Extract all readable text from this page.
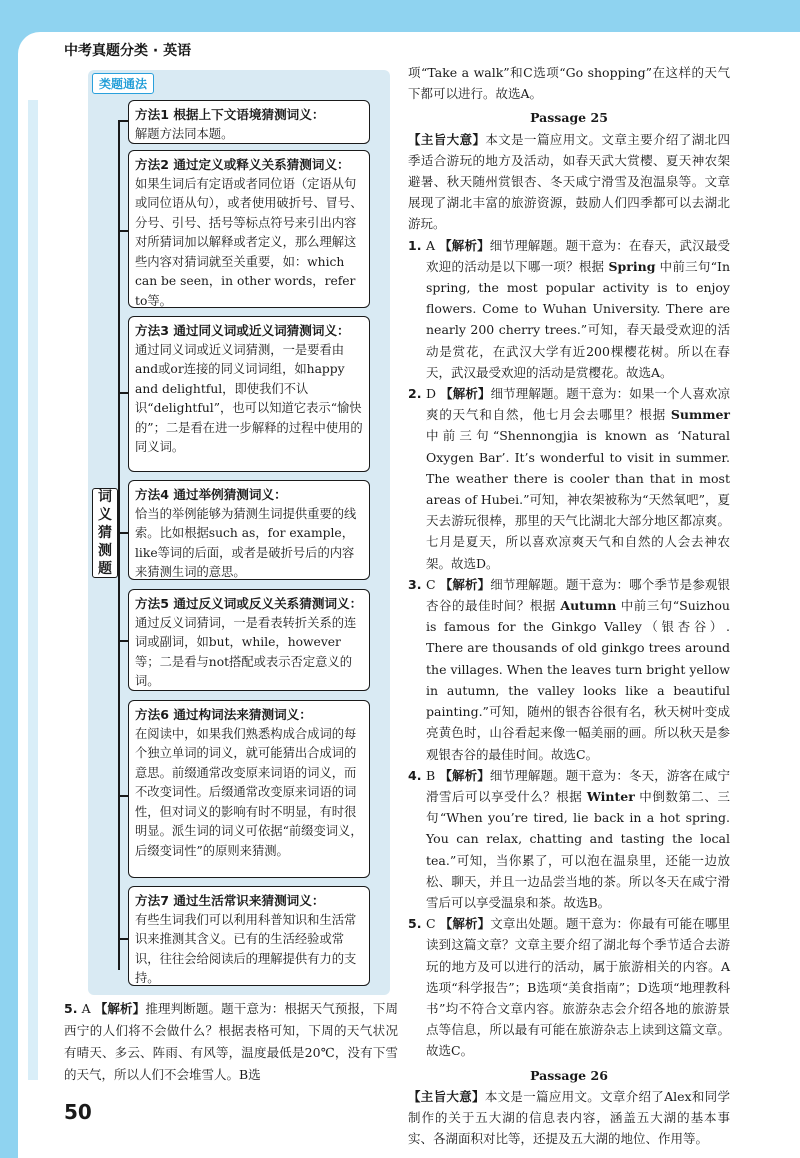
中考真题分类 · 英语
类题通法
词
义
猜
测
题
方法1 根据上下文语境猜测词义：
解题方法同本题。
方法2 通过定义或释义关系猜测词义：
如果生词后有定语或者同位语（定语从句或同位语从句），或者使用破折号、冒号、分号、引号、括号等标点符号来引出内容对所猜词加以解释或者定义，那么理解这些内容对猜词就至关重要，如：which can be seen，in other words，refer to等。
方法3 通过同义词或近义词猜测词义：
通过同义词或近义词猜测，一是要看由and或or连接的同义词词组，如happy and delightful，即使我们不认识“delightful”，也可以知道它表示“愉快的”；二是看在进一步解释的过程中使用的同义词。
方法4 通过举例猜测词义：
恰当的举例能够为猜测生词提供重要的线索。比如根据such as，for example，like等词的后面，或者是破折号后的内容来猜测生词的意思。
方法5 通过反义词或反义关系猜测词义：
通过反义词猜词，一是看表转折关系的连词或副词，如but，while，however等；二是看与not搭配或表示否定意义的词。
方法6 通过构词法来猜测词义：
在阅读中，如果我们熟悉构成合成词的每个独立单词的词义，就可能猜出合成词的意思。前缀通常改变原来词语的词义，而不改变词性。后缀通常改变原来词语的词性，但对词义的影响有时不明显，有时很明显。派生词的词义可依据“前缀变词义，后缀变词性”的原则来猜测。
方法7 通过生活常识来猜测词义：
有些生词我们可以利用科普知识和生活常识来推测其含义。已有的生活经验或常识，往往会给阅读后的理解提供有力的支持。
5. A 【解析】推理判断题。题干意为：根据天气预报，下周西宁的人们将不会做什么？根据表格可知，下周的天气状况有晴天、多云、阵雨、有风等，温度最低是20℃，没有下雪的天气，所以人们不会堆雪人。B选

项“Take a walk”和C选项“Go shopping”在这样的天气下都可以进行。故选A。

Passage 25

【主旨大意】本文是一篇应用文。文章主要介绍了湖北四季适合游玩的地方及活动，如春天武大赏樱、夏天神农架避暑、秋天随州赏银杏、冬天咸宁滑雪及泡温泉等。文章展现了湖北丰富的旅游资源，鼓励人们四季都可以去湖北游玩。

1. A 【解析】细节理解题。题干意为：在春天，武汉最受欢迎的活动是以下哪一项？根据 Spring 中前三句“In spring, the most popular activity is to enjoy flowers. Come to Wuhan University. There are nearly 200 cherry trees.”可知，春天最受欢迎的活动是赏花，在武汉大学有近200棵樱花树。所以在春天，武汉最受欢迎的活动是赏樱花。故选A。
2. D 【解析】细节理解题。题干意为：如果一个人喜欢凉爽的天气和自然，他七月会去哪里？根据 Summer 中前三句“Shennongjia is known as ‘Natural Oxygen Bar’. It’s wonderful to visit in summer. The weather there is cooler than that in most areas of Hubei.”可知，神农架被称为“天然氧吧”，夏天去游玩很棒，那里的天气比湖北大部分地区都凉爽。七月是夏天，所以喜欢凉爽天气和自然的人会去神农架。故选D。
3. C 【解析】细节理解题。题干意为：哪个季节是参观银杏谷的最佳时间？根据 Autumn 中前三句“Suizhou is famous for the Ginkgo Valley（银杏谷）. There are thousands of old ginkgo trees around the villages. When the leaves turn bright yellow in autumn, the valley looks like a beautiful painting.”可知，随州的银杏谷很有名，秋天树叶变成亮黄色时，山谷看起来像一幅美丽的画。所以秋天是参观银杏谷的最佳时间。故选C。
4. B 【解析】细节理解题。题干意为：冬天，游客在咸宁滑雪后可以享受什么？根据 Winter 中倒数第二、三句“When you’re tired, lie back in a hot spring. You can relax, chatting and tasting the local tea.”可知，当你累了，可以泡在温泉里，还能一边放松、聊天，并且一边品尝当地的茶。所以冬天在咸宁滑雪后可以享受温泉和茶。故选B。
5. C 【解析】文章出处题。题干意为：你最有可能在哪里读到这篇文章？文章主要介绍了湖北每个季节适合去游玩的地方及可以进行的活动，属于旅游相关的内容。A选项“科学报告”；B选项“美食指南”；D选项“地理教科书”均不符合文章内容。旅游杂志会介绍各地的旅游景点等信息，所以最有可能在旅游杂志上读到这篇文章。故选C。

Passage 26

【主旨大意】本文是一篇应用文。文章介绍了Alex和同学制作的关于五大湖的信息表内容，涵盖五大湖的基本事实、各湖面积对比等，还提及五大湖的地位、作用等。

50
